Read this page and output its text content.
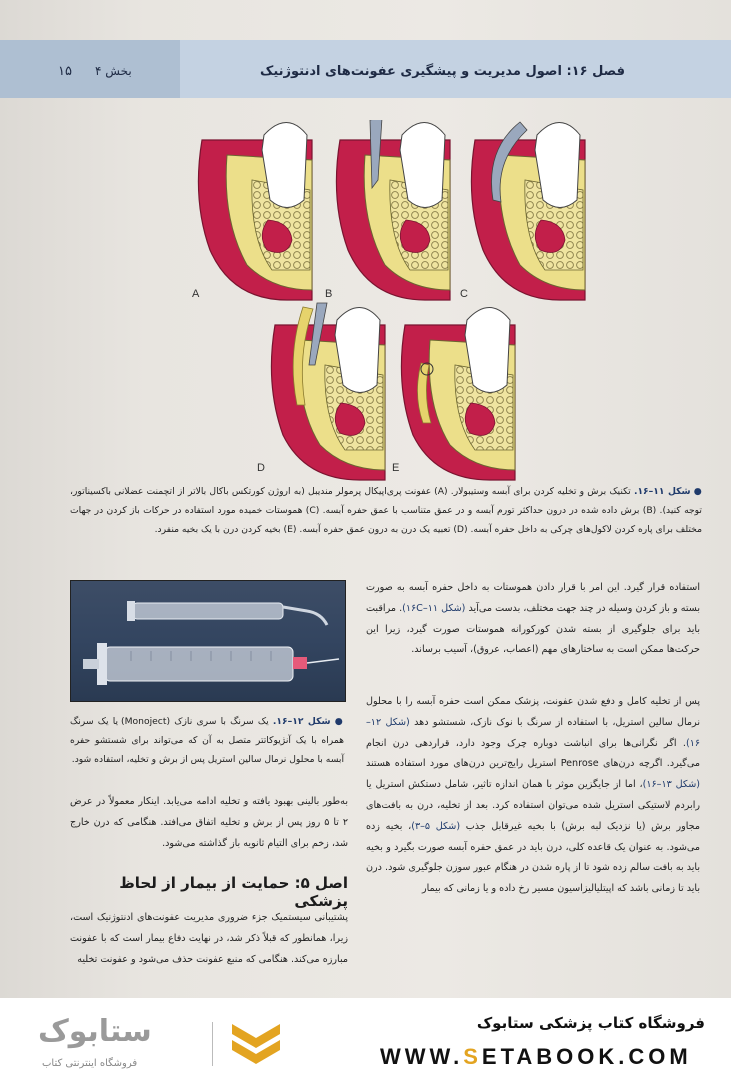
فصل ۱۶: اصول مدیریت و پیشگیری عفونت‌های ادنتوژنیک
بخش ۴
۱۵
A	B	C
D	E
● شکل ۱۱–۱۶. تکنیک برش و تخلیه کردن برای آبسه وستیبولار. (A) عفونت پری‌اپیکال پرمولر مندیبل (به اروژن کورتکس باکال بالاتر از اتچمنت عضلانی باکسیناتور، توجه کنید). (B) برش داده شده در درون حداکثر تورم آبسه و در عمق متناسب با عمق حفره آبسه. (C) هموستات خمیده مورد استفاده در حرکات باز کردن در جهات مختلف برای پاره کردن لاکول‌های چرکی به داخل حفره آبسه. (D) تعبیه یک درن به درون عمق حفره آبسه. (E) بخیه کردن درن با یک بخیه منفرد.
● شکل ۱۲–۱۶. یک سرنگ با سری نازک (Monoject) یا یک سرنگ همراه با یک آنژیوکاتتر متصل به آن که می‌تواند برای شستشو حفره آبسه با محلول نرمال سالین استریل پس از برش و تخلیه، استفاده شود.
به‌طور بالینی بهبود یافته و تخلیه ادامه می‌یابد. اینکار معمولاً در عرض ۲ تا ۵ روز پس از برش و تخلیه اتفاق می‌افتد. هنگامی که درن خارج شد، زخم برای التیام ثانویه باز گذاشته می‌شود.
اصل ۵: حمایت از بیمار از لحاظ پزشکی
پشتیبانی سیستمیک جزء ضروری مدیریت عفونت‌های ادنتوژنیک است، زیرا، همانطور که قبلاً ذکر شد، در نهایت دفاع بیمار است که با عفونت مبارزه می‌کند. هنگامی که منبع عفونت حذف می‌شود و عفونت تخلیه
استفاده قرار گیرد. این امر با قرار دادن هموستات به داخل حفره آبسه به صورت بسته و باز کردن وسیله در چند جهت مختلف، بدست می‌آید (شکل ۱۱–۱۶C). مراقبت باید برای جلوگیری از بسته شدن کورکورانه هموستات صورت گیرد، زیرا این حرکت‌ها ممکن است به ساختارهای مهم (اعصاب، عروق)، آسیب برساند.
پس از تخلیه کامل و دفع شدن عفونت، پزشک ممکن است حفره آبسه را با محلول نرمال سالین استریل، با استفاده از سرنگ با نوک نازک، شستشو دهد (شکل ۱۲–۱۶). اگر نگرانی‌ها برای انباشت دوباره چرک وجود دارد، قراردهی درن انجام می‌گیرد. اگرچه درن‌های Penrose استریل رایج‌ترین درن‌های مورد استفاده هستند (شکل ۱۳–۱۶)، اما از جایگزین موثر با همان اندازه تاثیر، شامل دستکش استریل یا رابردم لاستیکی استریل شده می‌توان استفاده کرد. بعد از تخلیه، درن به بافت‌های مجاور برش (یا نزدیک لبه برش) با بخیه غیرقابل جذب (شکل ۵–۳)، بخیه زده می‌شود. به عنوان یک قاعده کلی، درن باید در عمق حفره آبسه صورت بگیرد و بخیه باید به بافت سالم زده شود تا از پاره شدن در هنگام عبور سوزن جلوگیری شود. درن باید تا زمانی باشد که اپیتلیالیزاسیون مسیر رخ داده و یا زمانی که بیمار
فروشگاه کتاب پزشکی ستابوک
WWW.SETABOOK.COM
ستابوک
فروشگاه اینترنتی کتاب
